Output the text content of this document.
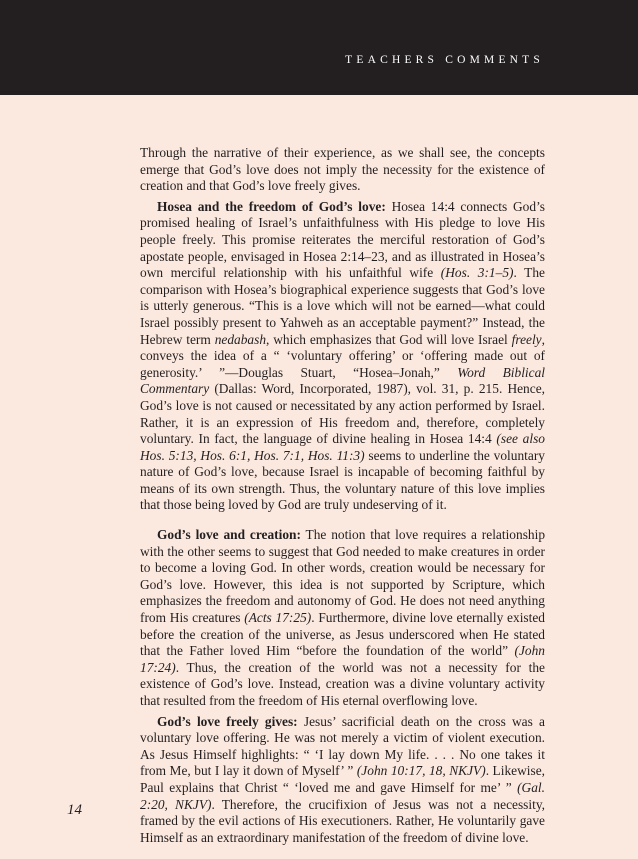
TEACHERS COMMENTS

Through the narrative of their experience, as we shall see, the concepts emerge that God’s love does not imply the necessity for the existence of creation and that God’s love freely gives.

Hosea and the freedom of God’s love: Hosea 14:4 connects God’s promised healing of Israel’s unfaithfulness with His pledge to love His people freely. This promise reiterates the merciful restoration of God’s apostate people, envisaged in Hosea 2:14–23, and as illustrated in Hosea’s own merciful relationship with his unfaithful wife (Hos. 3:1–5). The comparison with Hosea’s biographical experience suggests that God’s love is utterly generous. “This is a love which will not be earned—what could Israel possibly present to Yahweh as an acceptable payment?” Instead, the Hebrew term nedabash, which emphasizes that God will love Israel freely, conveys the idea of a “ ‘voluntary offering’ or ‘offering made out of generosity.’ ”—Douglas Stuart, “Hosea–Jonah,” Word Biblical Commentary (Dallas: Word, Incorporated, 1987), vol. 31, p. 215. Hence, God’s love is not caused or necessitated by any action performed by Israel. Rather, it is an expression of His freedom and, therefore, completely voluntary. In fact, the language of divine healing in Hosea 14:4 (see also Hos. 5:13, Hos. 6:1, Hos. 7:1, Hos. 11:3) seems to underline the voluntary nature of God’s love, because Israel is incapable of becoming faithful by means of its own strength. Thus, the voluntary nature of this love implies that those being loved by God are truly undeserving of it.

God’s love and creation: The notion that love requires a relationship with the other seems to suggest that God needed to make creatures in order to become a loving God. In other words, creation would be necessary for God’s love. However, this idea is not supported by Scripture, which emphasizes the freedom and autonomy of God. He does not need anything from His creatures (Acts 17:25). Furthermore, divine love eternally existed before the creation of the universe, as Jesus underscored when He stated that the Father loved Him “before the foundation of the world” (John 17:24). Thus, the creation of the world was not a necessity for the existence of God’s love. Instead, creation was a divine voluntary activity that resulted from the freedom of His eternal overflowing love.

God’s love freely gives: Jesus’ sacrificial death on the cross was a voluntary love offering. He was not merely a victim of violent execution. As Jesus Himself highlights: “ ‘I lay down My life. . . . No one takes it from Me, but I lay it down of Myself’ ” (John 10:17, 18, NKJV). Likewise, Paul explains that Christ “ ‘loved me and gave Himself for me’ ” (Gal. 2:20, NKJV). Therefore, the crucifixion of Jesus was not a necessity, framed by the evil actions of His executioners. Rather, He voluntarily gave Himself as an extraordinary manifestation of the freedom of divine love.

14
